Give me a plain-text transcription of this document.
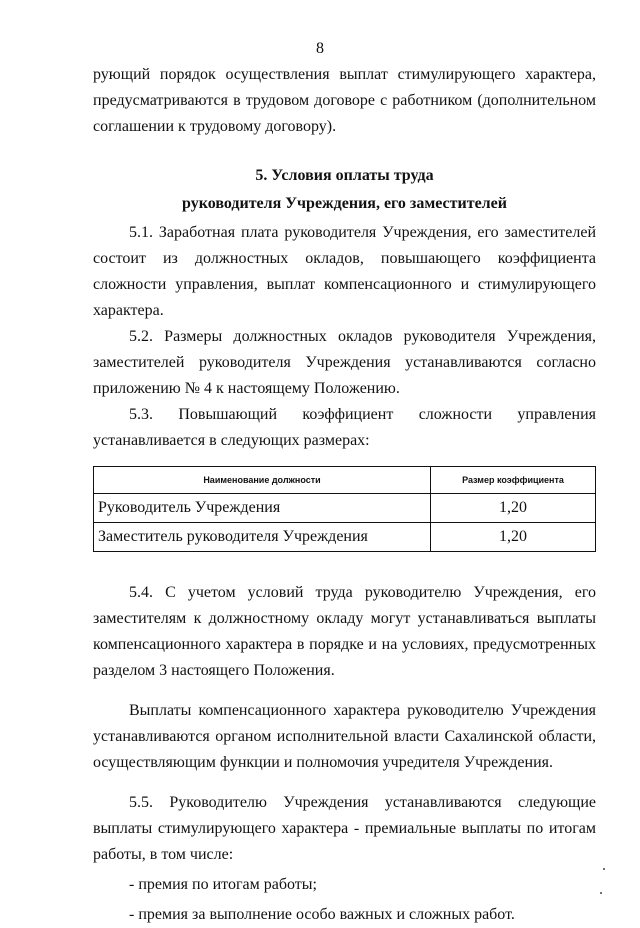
8

рующий порядок осуществления выплат стимулирующего характера, предусматриваются в трудовом договоре с работником (дополнительном соглашении к трудовому договору).

5. Условия оплаты труда
руководителя Учреждения, его заместителей

5.1. Заработная плата руководителя Учреждения, его заместителей состоит из должностных окладов, повышающего коэффициента сложности управления, выплат компенсационного и стимулирующего характера.

5.2. Размеры должностных окладов руководителя Учреждения, заместителей руководителя Учреждения устанавливаются согласно приложению № 4 к настоящему Положению.

5.3. Повышающий коэффициент сложности управления устанавливается в следующих размерах:

Наименование должности	Размер коэффициента
Руководитель Учреждения	1,20
Заместитель руководителя Учреждения	1,20

5.4. С учетом условий труда руководителю Учреждения, его заместителям к должностному окладу могут устанавливаться выплаты компенсационного характера в порядке и на условиях, предусмотренных разделом 3 настоящего Положения.

Выплаты компенсационного характера руководителю Учреждения устанавливаются органом исполнительной власти Сахалинской области, осуществляющим функции и полномочия учредителя Учреждения.

5.5. Руководителю Учреждения устанавливаются следующие выплаты стимулирующего характера - премиальные выплаты по итогам работы, в том числе:

- премия по итогам работы;

- премия за выполнение особо важных и сложных работ.
